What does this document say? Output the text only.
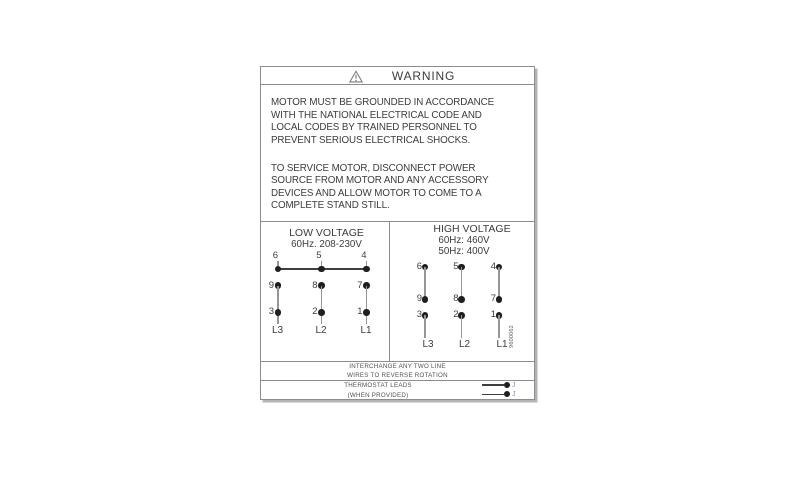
WARNING
MOTOR MUST BE GROUNDED IN ACCORDANCE
WITH THE NATIONAL ELECTRICAL CODE AND
LOCAL CODES BY TRAINED PERSONNEL TO
PREVENT SERIOUS ELECTRICAL SHOCKS.
TO SERVICE MOTOR, DISCONNECT POWER
SOURCE FROM MOTOR AND ANY ACCESSORY
DEVICES AND ALLOW MOTOR TO COME TO A
COMPLETE STAND STILL.
LOW VOLTAGE
60Hz. 208-230V
6	5	4
9	8	7
3	2	1
L3	L2	L1
HIGH VOLTAGE
60Hz: 460V
50Hz: 400V
6	5	4
9	8	7
3	2	1
L3	L2	L1 9600062
INTERCHANGE ANY TWO LINE
WIRES TO REVERSE ROTATION
THERMOSTAT LEADS
(WHEN PROVIDED)
J
J
